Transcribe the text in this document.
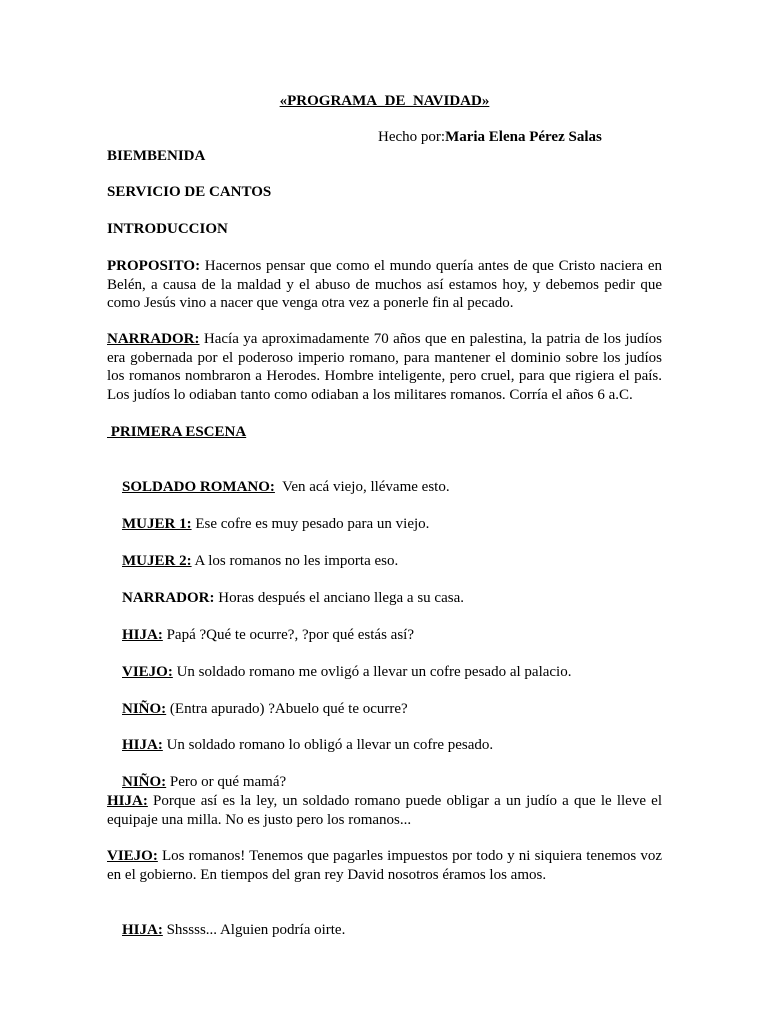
«PROGRAMA_DE_NAVIDAD»
Hecho por:Maria Elena Pérez Salas
BIEMBENIDA
SERVICIO DE CANTOS
INTRODUCCION
PROPOSITO: Hacernos pensar que como el mundo quería antes de que Cristo naciera en Belén, a causa de la maldad y el abuso de muchos así estamos hoy, y debemos pedir que como Jesús vino a nacer que venga otra vez a ponerle fin al pecado.
NARRADOR: Hacía ya aproximadamente 70 años que en palestina, la patria de los judíos era gobernada por el poderoso imperio romano, para mantener el dominio sobre los judíos los romanos nombraron a Herodes. Hombre inteligente, pero cruel, para que rigiera el país. Los judíos lo odiaban tanto como odiaban a los militares romanos. Corría el años 6 a.C.
PRIMERA ESCENA

SOLDADO ROMANO:  Ven acá viejo, llévame esto.

MUJER 1: Ese cofre es muy pesado para un viejo.

MUJER 2: A los romanos no les importa eso.

NARRADOR: Horas después el anciano llega a su casa.

HIJA: Papá ?Qué te ocurre?, ?por qué estás así?

VIEJO: Un soldado romano me ovligó a llevar un cofre pesado al palacio.

NIÑO: (Entra apurado) ?Abuelo qué te ocurre?

HIJA: Un soldado romano lo obligó a llevar un cofre pesado.

NIÑO: Pero or qué mamá?

HIJA: Porque así es la ley, un soldado romano puede obligar a un judío a que le lleve el equipaje una milla. No es justo pero los romanos...
VIEJO: Los romanos! Tenemos que pagarles impuestos por todo y ni siquiera tenemos voz en el gobierno. En tiempos del gran rey David nosotros éramos los amos.

HIJA: Shssss... Alguien podría oirte.
